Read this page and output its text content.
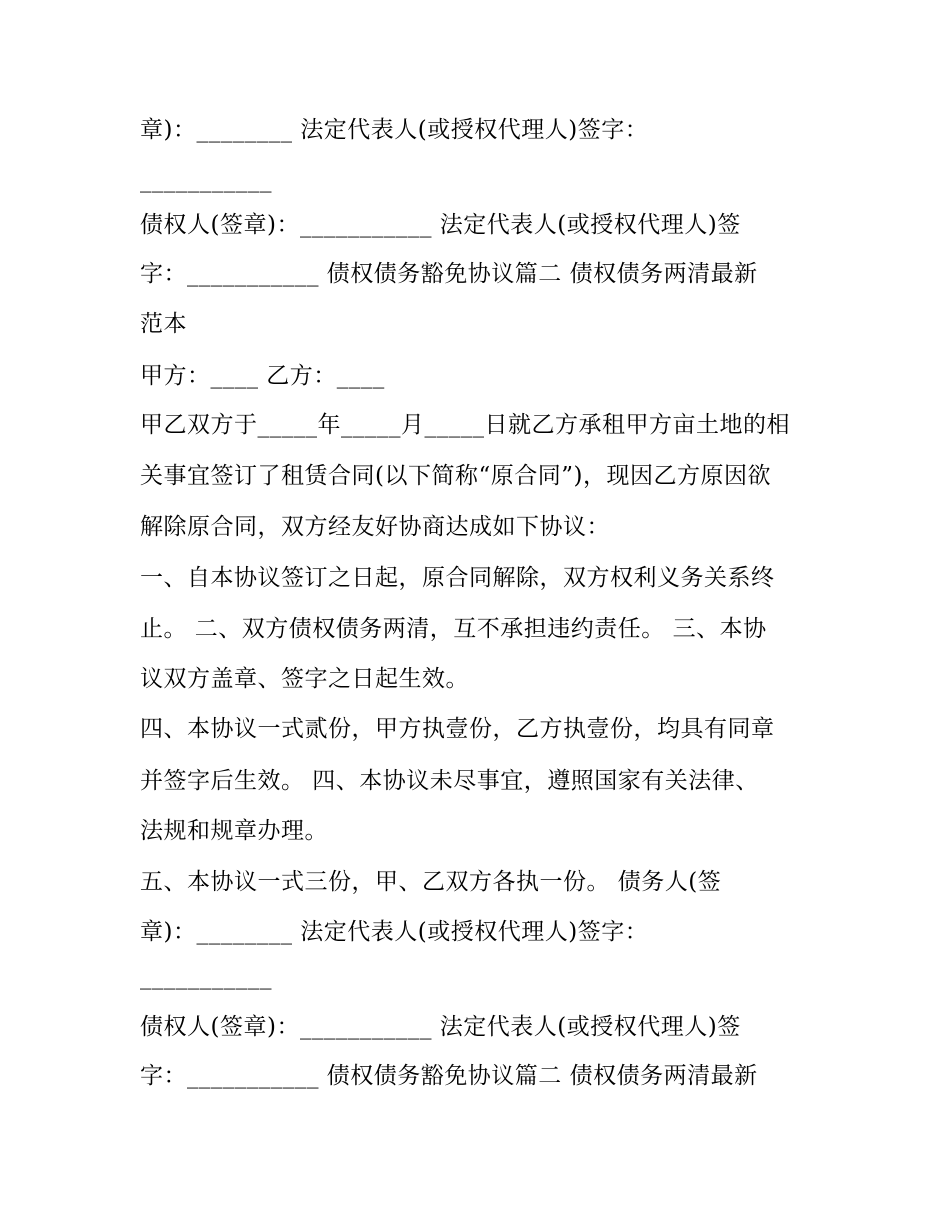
章)：________ 法定代表人(或授权代理人)签字：
___________
债权人(签章)：___________ 法定代表人(或授权代理人)签
字：___________ 债权债务豁免协议篇二 债权债务两清最新
范本
甲方：____ 乙方：____
甲乙双方于_____年_____月_____日就乙方承租甲方亩土地的相
关事宜签订了租赁合同(以下简称“原合同”)，现因乙方原因欲
解除原合同，双方经友好协商达成如下协议：
一、自本协议签订之日起，原合同解除，双方权利义务关系终
止。 二、双方债权债务两清，互不承担违约责任。 三、本协
议双方盖章、签字之日起生效。
四、本协议一式贰份，甲方执壹份，乙方执壹份，均具有同章
并签字后生效。 四、本协议未尽事宜，遵照国家有关法律、
法规和规章办理。
五、本协议一式三份，甲、乙双方各执一份。 债务人(签
章)：________ 法定代表人(或授权代理人)签字：
___________
债权人(签章)：___________ 法定代表人(或授权代理人)签
字：___________ 债权债务豁免协议篇二 债权债务两清最新
